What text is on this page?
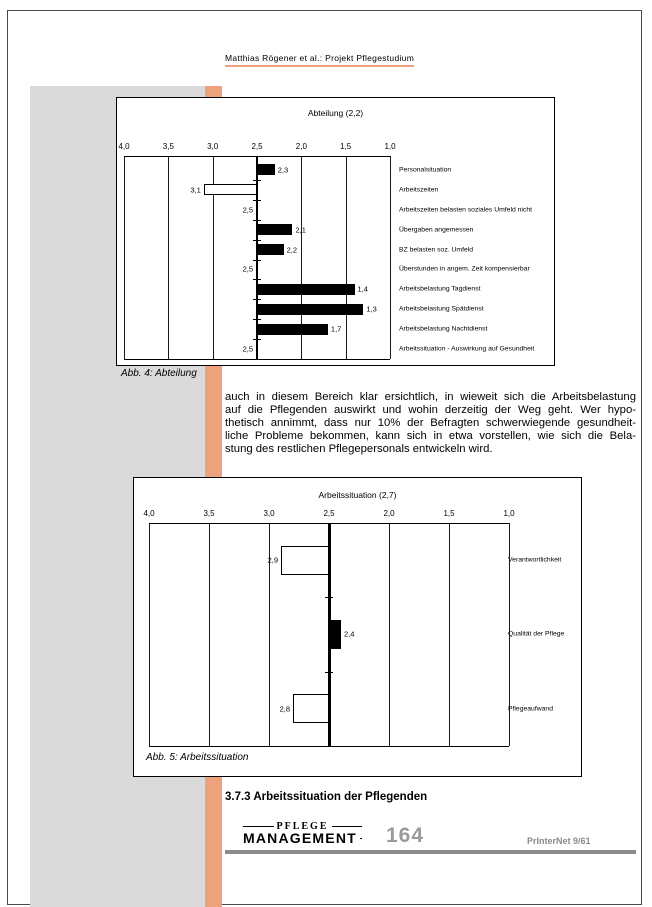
Matthias Rögener et al.: Projekt Pflegestudium
Abteilung (2,2)
4,0	3,5	3,0	2,5	2,0	1,5	1,0
2,3	Personalsituation
3,1	Arbeitszeiten
2,5	Arbeitszeiten belasten soziales Umfeld nicht
2,1	Übergaben angemessen
2,2	BZ belasten soz. Umfeld
2,5	Überstunden in angem. Zeit kompensierbar
1,4	Arbeitsbelastung Tagdienst
1,3	Arbeitsbelastung Spätdienst
1,7	Arbeitsbelastung Nachtdienst
2,5	Arbeitssituation - Auswirkung auf Gesundheit
Abb. 4: Abteilung
auch in diesem Bereich klar ersichtlich, in wieweit sich die Arbeitsbelastung
auf die Pflegenden auswirkt und wohin derzeitig der Weg geht. Wer hypo-
thetisch annimmt, dass nur 10% der Befragten schwerwiegende gesundheit-
liche Probleme bekommen, kann sich in etwa vorstellen, wie sich die Bela-
stung des restlichen Pflegepersonals entwickeln wird.
Arbeitssituation (2,7)
4,0	3,5	3,0	2,5	2,0	1,5	1,0
2,9	Verantwortlichkeit
2,4	Qualität der Pflege
2,8	Pflegeaufwand
Abb. 5: Arbeitssituation
3.7.3 Arbeitssituation der Pflegenden
PFLEGE
MANAGEMENT 164	PrInterNet 9/61
